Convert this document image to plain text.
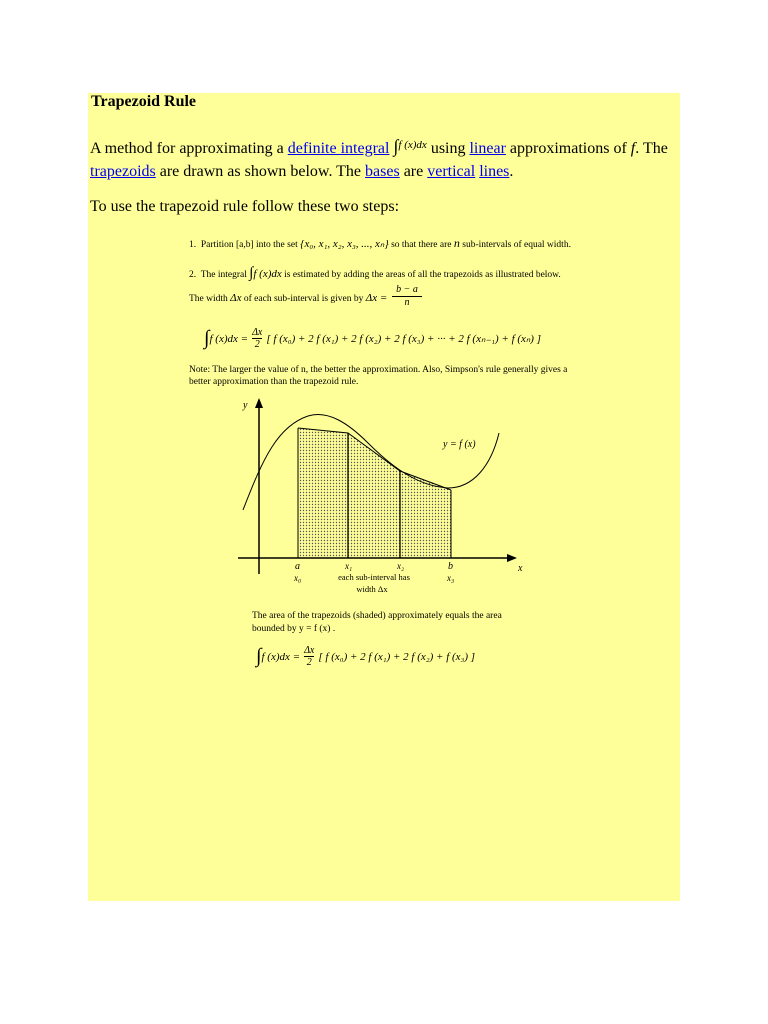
Trapezoid Rule
A method for approximating a definite integral $^{\int f (x)dx}$ using linear approximations of f. The trapezoids are drawn as shown below. The bases are vertical lines.
To use the trapezoid rule follow these two steps:
1. Partition [a,b] into the set {x₀, x₁, x₂, x₃, ..., xₙ} so that there are n sub-intervals of equal width.
2. The integral ∫f (x)dx is estimated by adding the areas of all the trapezoids as illustrated below.
The width Δx of each sub-interval is given by $\Delta x = \frac{b - a}{n}$
∫f $(x)dx = \frac{\Delta x}{2}$ [ f (x₀) + 2 f (x₁) + 2 f (x₂) + 2 f (x₃) + ··· + 2 f (xₙ₋₁) + f (xₙ) ]
Note: The larger the value of n, the better the approximation. Also, Simpson's rule generally gives a
better approximation than the trapezoid rule.
y
x
y = f (x)
a
x₀
x₁	x₂	b
x₃
each sub-interval has
width Δx
The area of the trapezoids (shaded) approximately equals the area
bounded by y = f (x) .
∫f $(x)dx = \frac{\Delta x}{2}$ [ f (x₀) + 2 f (x₁) + 2 f (x₂) + f (x₃) ]
